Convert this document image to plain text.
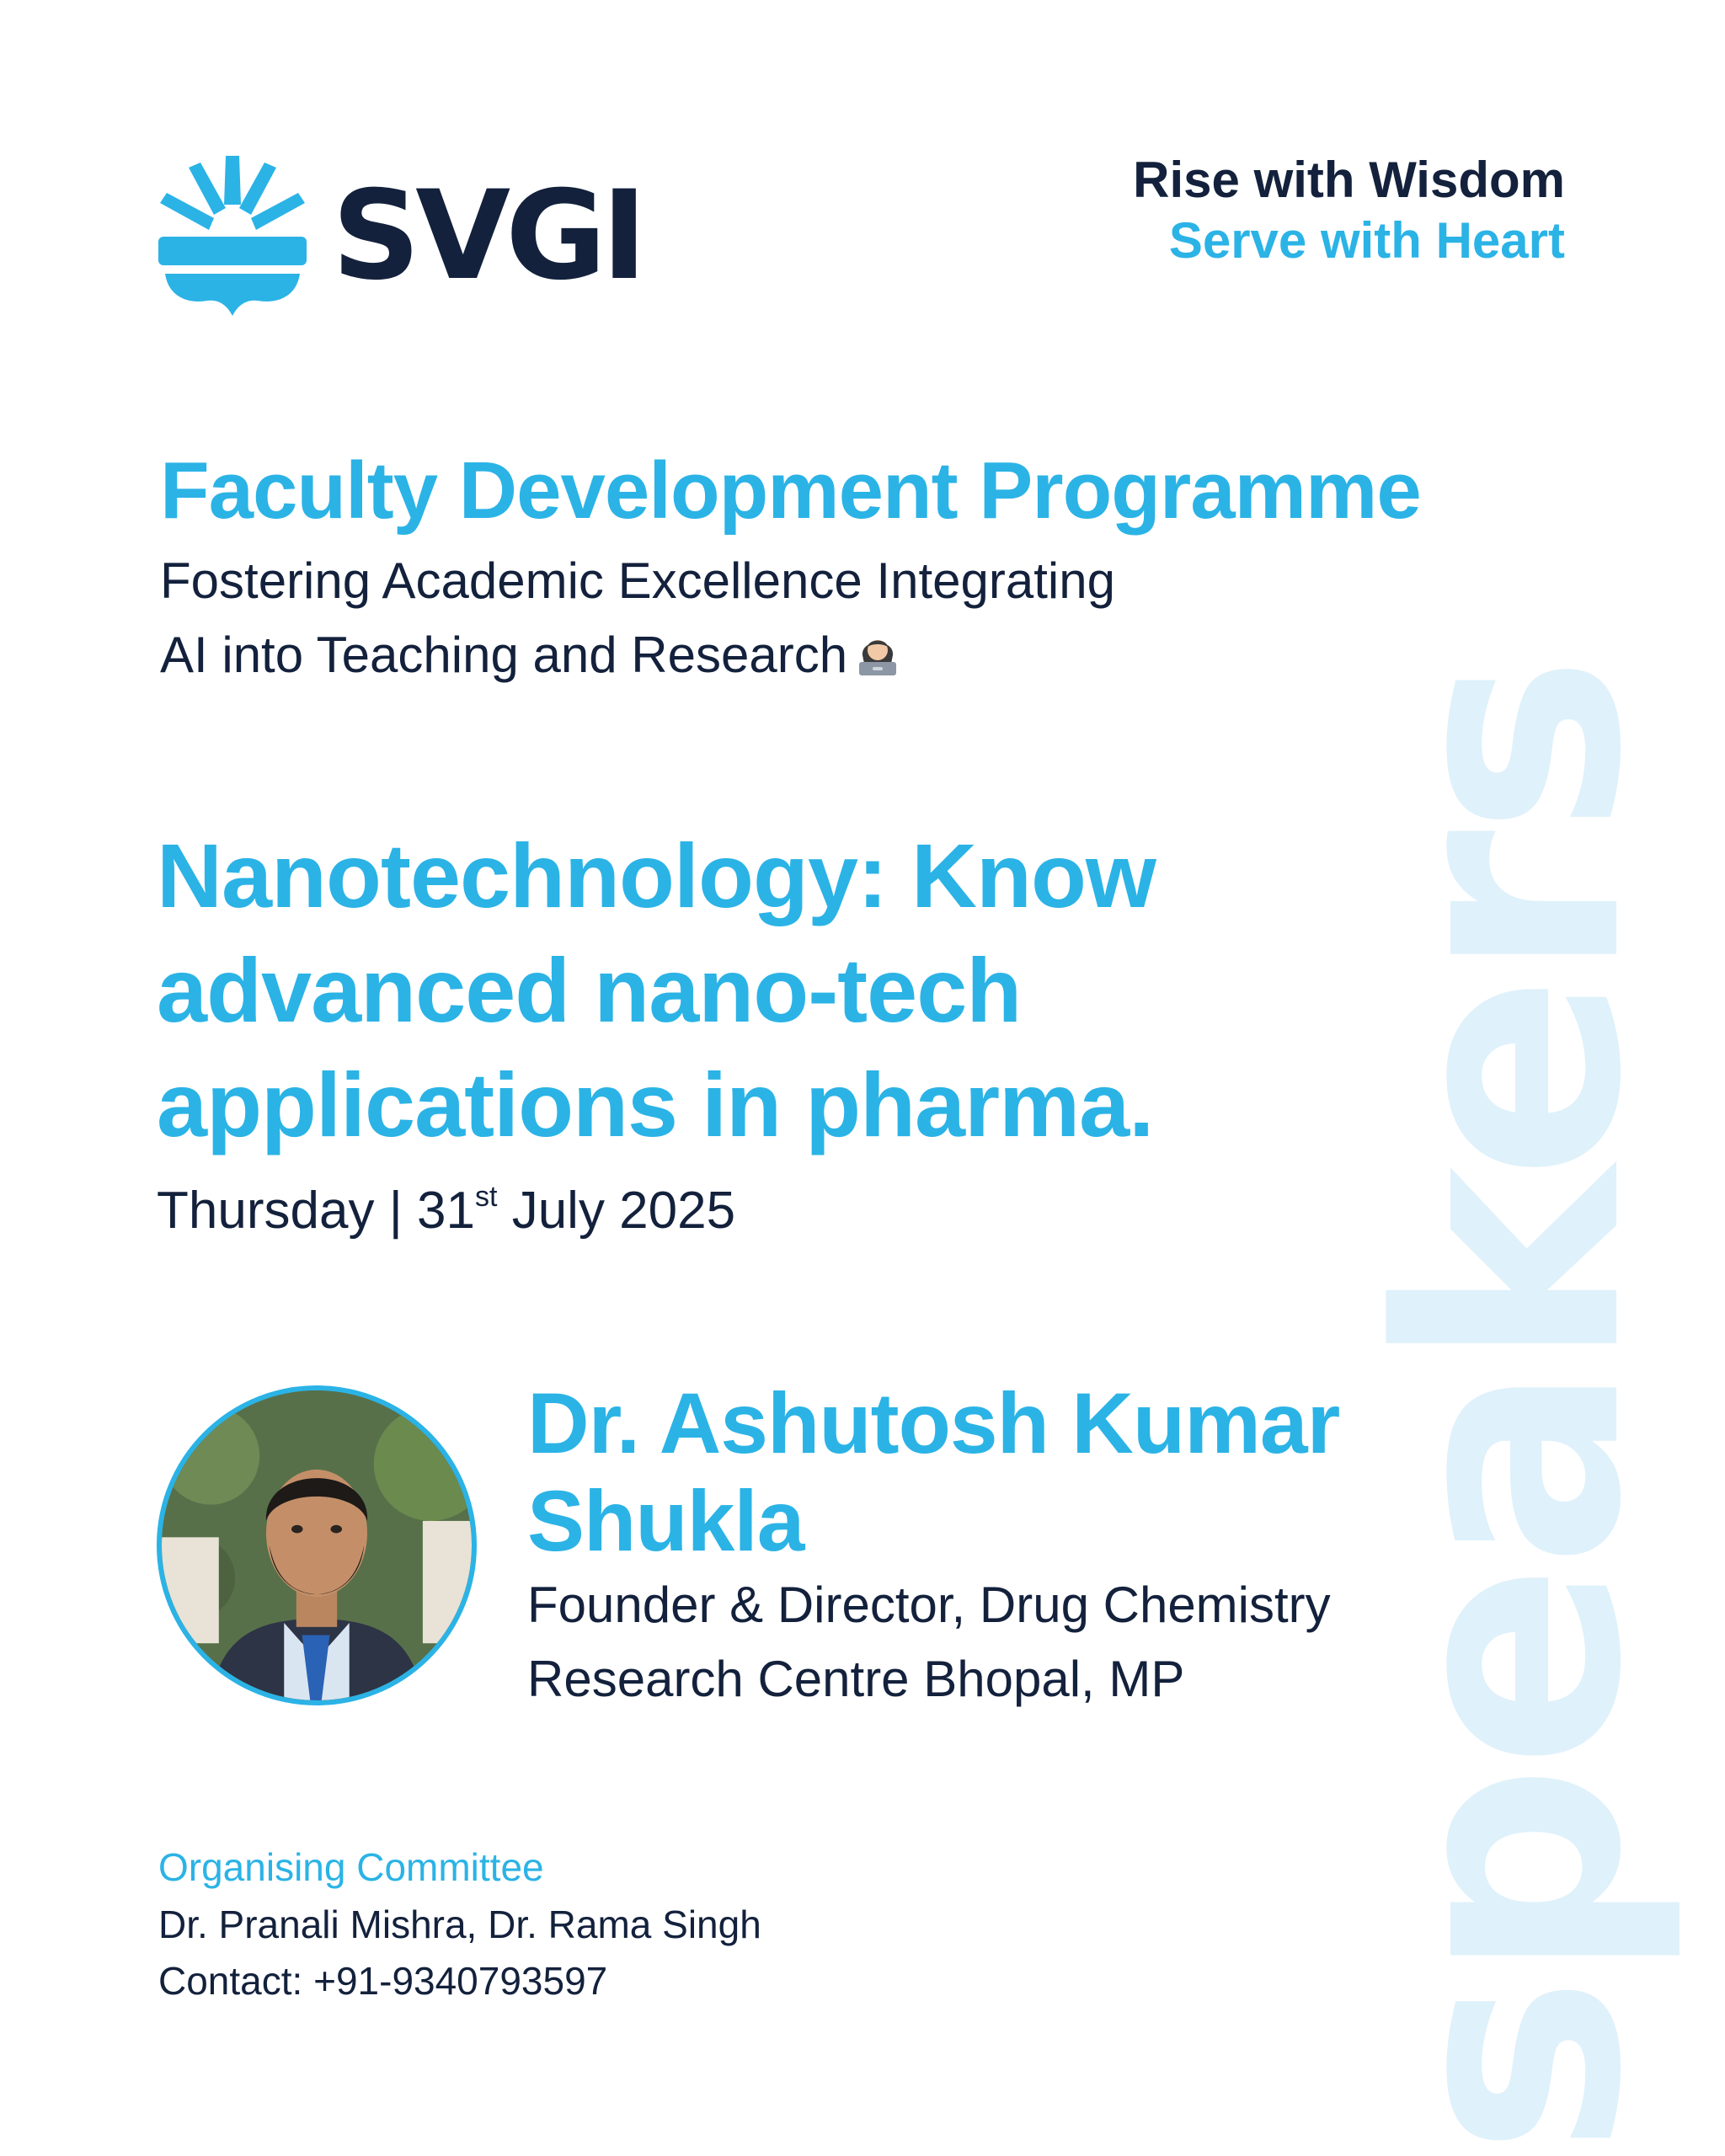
speakers
SVGI	Rise with Wisdom
Serve with Heart
Faculty Development Programme
Fostering Academic Excellence Integrating
AI into Teaching and Research
Nanotechnology: Know
advanced nano-tech
applications in pharma.
Thursday | 31st July 2025
Dr. Ashutosh Kumar
Shukla
Founder & Director, Drug Chemistry
Research Centre Bhopal, MP
Organising Committee
Dr. Pranali Mishra, Dr. Rama Singh
Contact: +91-9340793597
